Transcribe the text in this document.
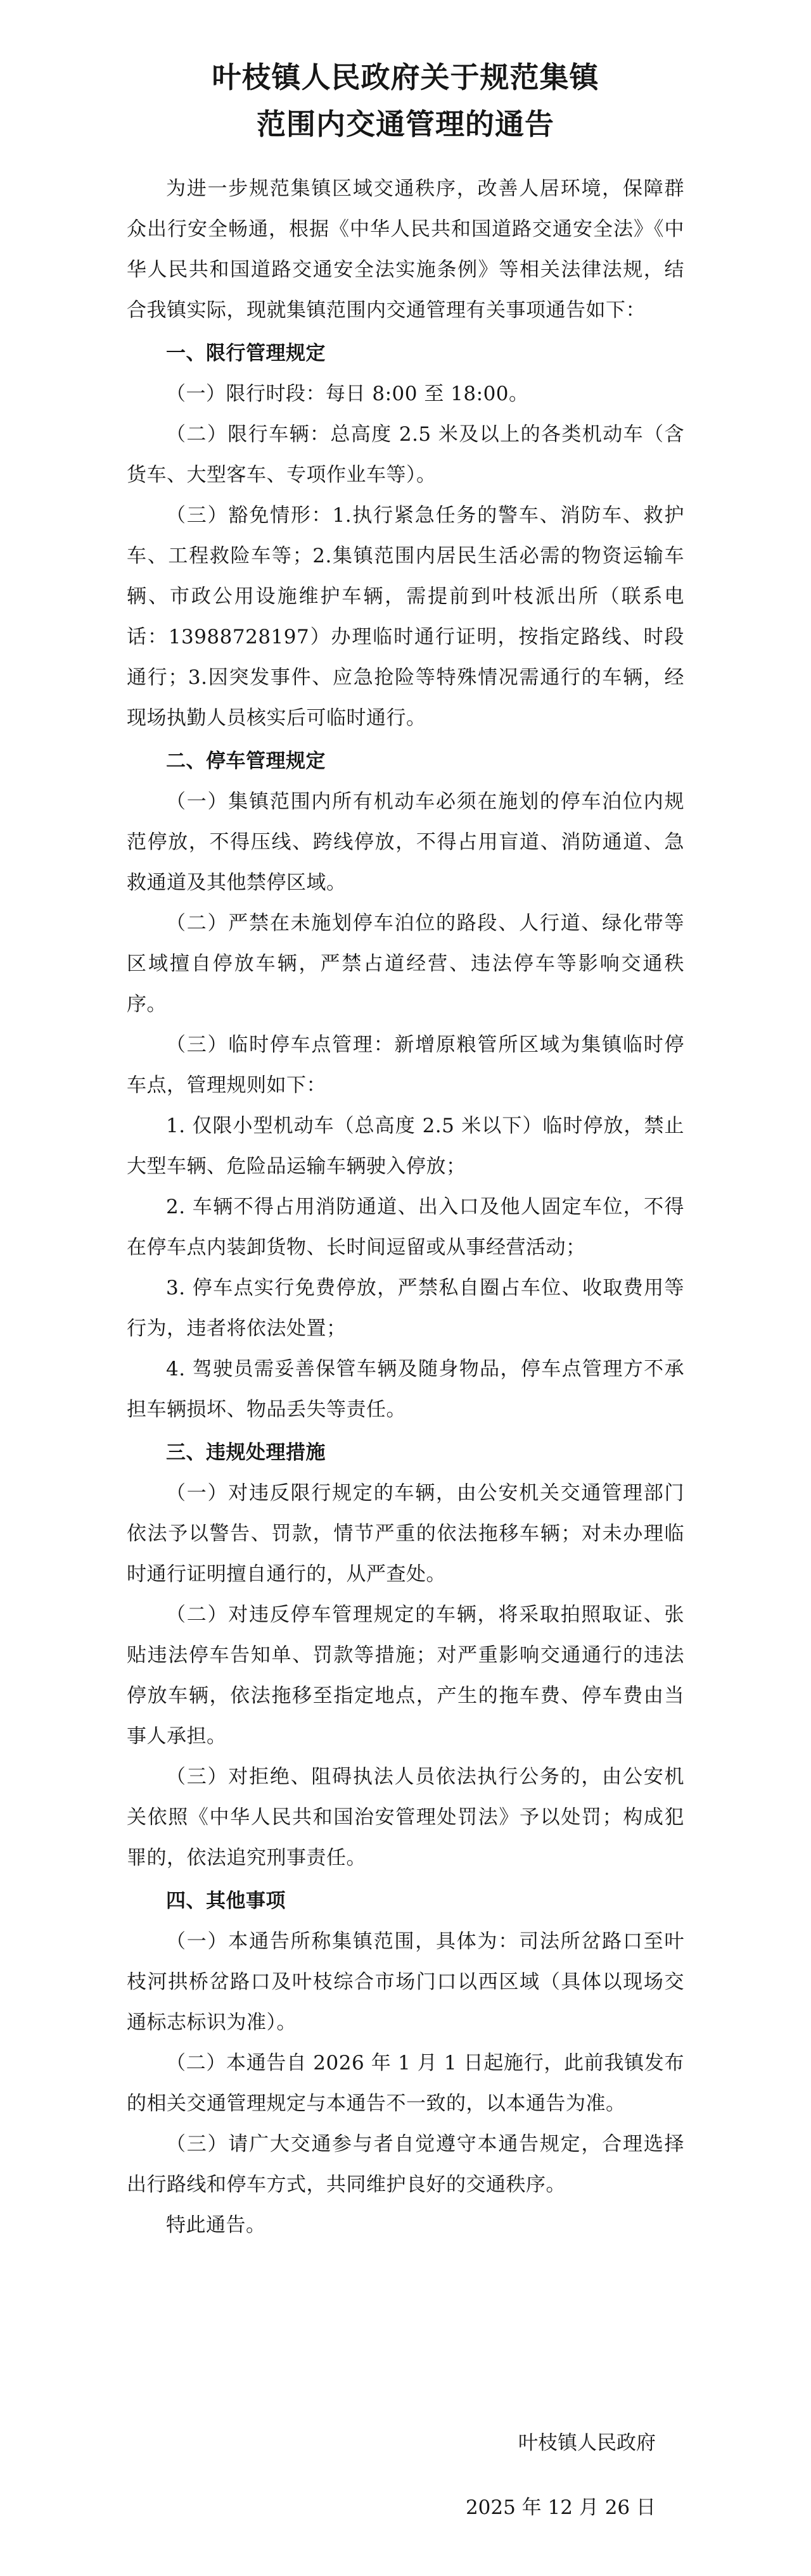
叶枝镇人民政府关于规范集镇
范围内交通管理的通告

为进一步规范集镇区域交通秩序，改善人居环境，保障群众出行安全畅通，根据《中华人民共和国道路交通安全法》《中华人民共和国道路交通安全法实施条例》等相关法律法规，结合我镇实际，现就集镇范围内交通管理有关事项通告如下：

一、限行管理规定

（一）限行时段：每日 8:00 至 18:00。

（二）限行车辆：总高度 2.5 米及以上的各类机动车（含货车、大型客车、专项作业车等）。

（三）豁免情形：1.执行紧急任务的警车、消防车、救护车、工程救险车等；2.集镇范围内居民生活必需的物资运输车辆、市政公用设施维护车辆，需提前到叶枝派出所（联系电话：13988728197）办理临时通行证明，按指定路线、时段通行；3.因突发事件、应急抢险等特殊情况需通行的车辆，经现场执勤人员核实后可临时通行。

二、停车管理规定

（一）集镇范围内所有机动车必须在施划的停车泊位内规范停放，不得压线、跨线停放，不得占用盲道、消防通道、急救通道及其他禁停区域。

（二）严禁在未施划停车泊位的路段、人行道、绿化带等区域擅自停放车辆，严禁占道经营、违法停车等影响交通秩序。

（三）临时停车点管理：新增原粮管所区域为集镇临时停车点，管理规则如下：

1. 仅限小型机动车（总高度 2.5 米以下）临时停放，禁止大型车辆、危险品运输车辆驶入停放；

2. 车辆不得占用消防通道、出入口及他人固定车位，不得在停车点内装卸货物、长时间逗留或从事经营活动；

3. 停车点实行免费停放，严禁私自圈占车位、收取费用等行为，违者将依法处置；

4. 驾驶员需妥善保管车辆及随身物品，停车点管理方不承担车辆损坏、物品丢失等责任。

三、违规处理措施

（一）对违反限行规定的车辆，由公安机关交通管理部门依法予以警告、罚款，情节严重的依法拖移车辆；对未办理临时通行证明擅自通行的，从严查处。

（二）对违反停车管理规定的车辆，将采取拍照取证、张贴违法停车告知单、罚款等措施；对严重影响交通通行的违法停放车辆，依法拖移至指定地点，产生的拖车费、停车费由当事人承担。

（三）对拒绝、阻碍执法人员依法执行公务的，由公安机关依照《中华人民共和国治安管理处罚法》予以处罚；构成犯罪的，依法追究刑事责任。

四、其他事项

（一）本通告所称集镇范围，具体为：司法所岔路口至叶枝河拱桥岔路口及叶枝综合市场门口以西区域（具体以现场交通标志标识为准）。

（二）本通告自 2026 年 1 月 1 日起施行，此前我镇发布的相关交通管理规定与本通告不一致的，以本通告为准。

（三）请广大交通参与者自觉遵守本通告规定，合理选择出行路线和停车方式，共同维护良好的交通秩序。

特此通告。

叶枝镇人民政府

2025 年 12 月 26 日
